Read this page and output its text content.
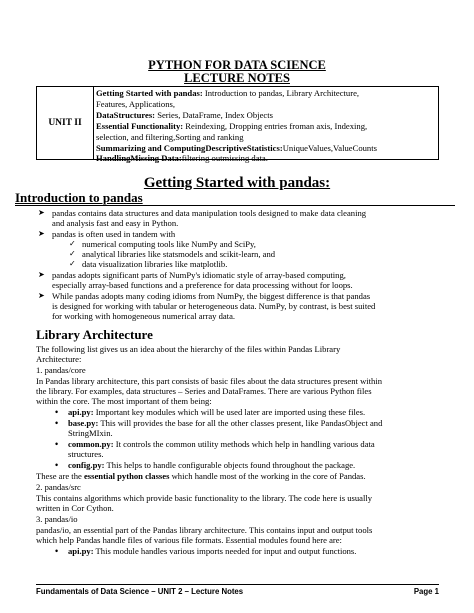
PYTHON FOR DATA SCIENCE
LECTURE NOTES
UNIT II
Getting Started with pandas: Introduction to pandas, Library Architecture,
Features, Applications,
DataStructures: Series, DataFrame, Index Objects
Essential Functionality: Reindexing, Dropping entries froman axis, Indexing,
selection, and filtering,Sorting and ranking
Summarizing and ComputingDescriptiveStatistics:UniqueValues,ValueCounts
HandlingMissing Data:filtering outmissing data.
Getting Started with pandas:
Introduction to pandas
➤ pandas contains data structures and data manipulation tools designed to make data cleaning
and analysis fast and easy in Python.
➤ pandas is often used in tandem with
✓ numerical computing tools like NumPy and SciPy,
✓ analytical libraries like statsmodels and scikit-learn, and
✓ data visualization libraries like matplotlib.
➤ pandas adopts significant parts of NumPy's idiomatic style of array-based computing,
especially array-based functions and a preference for data processing without for loops.
➤ While pandas adopts many coding idioms from NumPy, the biggest difference is that pandas
is designed for working with tabular or heterogeneous data. NumPy, by contrast, is best suited
for working with homogeneous numerical array data.
Library Architecture
The following list gives us an idea about the hierarchy of the files within Pandas Library
Architecture:
1. pandas/core
In Pandas library architecture, this part consists of basic files about the data structures present within
the library. For examples, data structures – Series and DataFrames. There are various Python files
within the core. The most important of them being:
• api.py: Important key modules which will be used later are imported using these files.
• base.py: This will provides the base for all the other classes present, like PandasObject and
StringMIxin.
• common.py: It controls the common utility methods which help in handling various data
structures.
• config.py: This helps to handle configurable objects found throughout the package.
These are the essential python classes which handle most of the working in the core of Pandas.
2. pandas/src
This contains algorithms which provide basic functionality to the library. The code here is usually
written in Cor Cython.
3. pandas/io
pandas/io, an essential part of the Pandas library architecture. This contains input and output tools
which help Pandas handle files of various file formats. Essential modules found here are:
• api.py: This module handles various imports needed for input and output functions.
Fundamentals of Data Science – UNIT 2 – Lecture Notes	Page 1
